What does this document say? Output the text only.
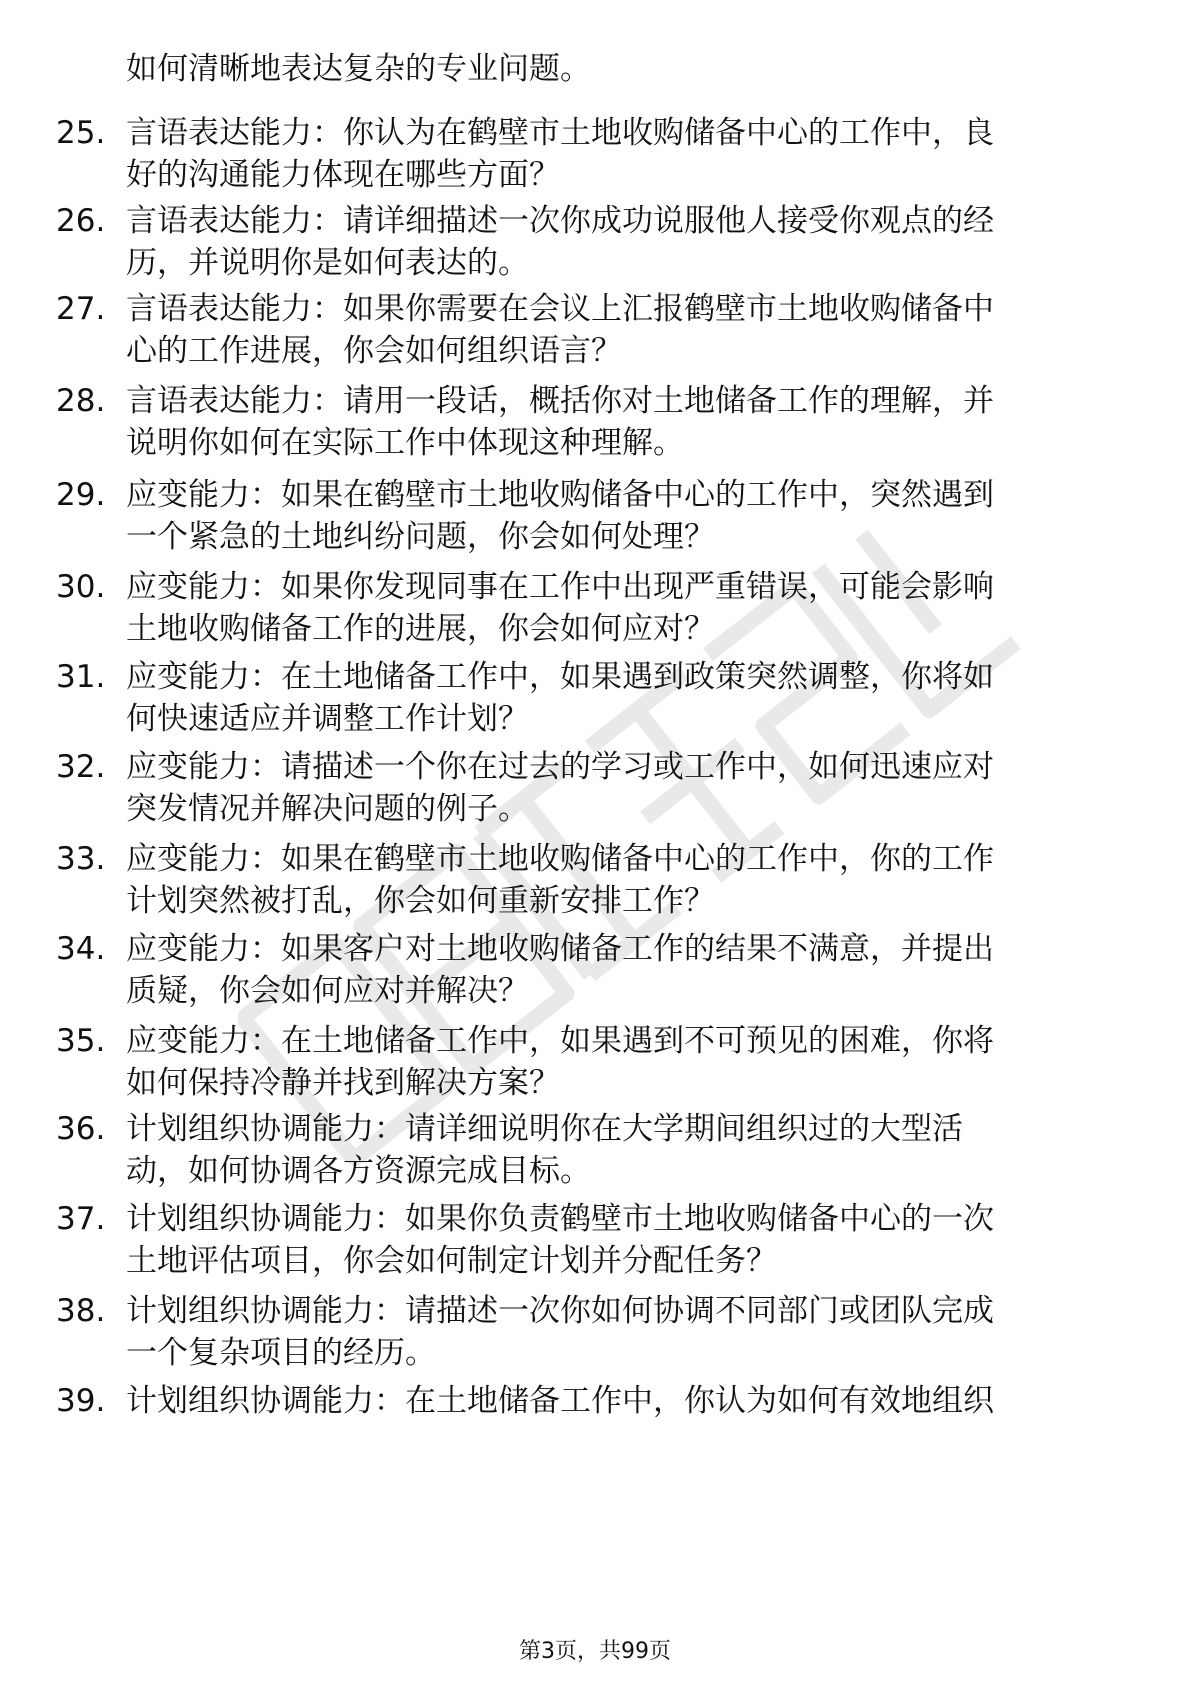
如何清晰地表达复杂的专业问题。
25. 言语表达能力：你认为在鹤壁市土地收购储备中心的工作中，良
好的沟通能力体现在哪些方面？
26. 言语表达能力：请详细描述一次你成功说服他人接受你观点的经
历，并说明你是如何表达的。
27. 言语表达能力：如果你需要在会议上汇报鹤壁市土地收购储备中
心的工作进展，你会如何组织语言？
28. 言语表达能力：请用一段话，概括你对土地储备工作的理解，并
说明你如何在实际工作中体现这种理解。
29. 应变能力：如果在鹤壁市土地收购储备中心的工作中，突然遇到
一个紧急的土地纠纷问题，你会如何处理？
30. 应变能力：如果你发现同事在工作中出现严重错误，可能会影响
土地收购储备工作的进展，你会如何应对？
31. 应变能力：在土地储备工作中，如果遇到政策突然调整，你将如
何快速适应并调整工作计划？
32. 应变能力：请描述一个你在过去的学习或工作中，如何迅速应对
突发情况并解决问题的例子。
33. 应变能力：如果在鹤壁市土地收购储备中心的工作中，你的工作
计划突然被打乱，你会如何重新安排工作？
34. 应变能力：如果客户对土地收购储备工作的结果不满意，并提出
质疑，你会如何应对并解决？
35. 应变能力：在土地储备工作中，如果遇到不可预见的困难，你将
如何保持冷静并找到解决方案？
36. 计划组织协调能力：请详细说明你在大学期间组织过的大型活
动，如何协调各方资源完成目标。
37. 计划组织协调能力：如果你负责鹤壁市土地收购储备中心的一次
土地评估项目，你会如何制定计划并分配任务？
38. 计划组织协调能力：请描述一次你如何协调不同部门或团队完成
一个复杂项目的经历。
39. 计划组织协调能力：在土地储备工作中，你认为如何有效地组织
第3页，共99页
